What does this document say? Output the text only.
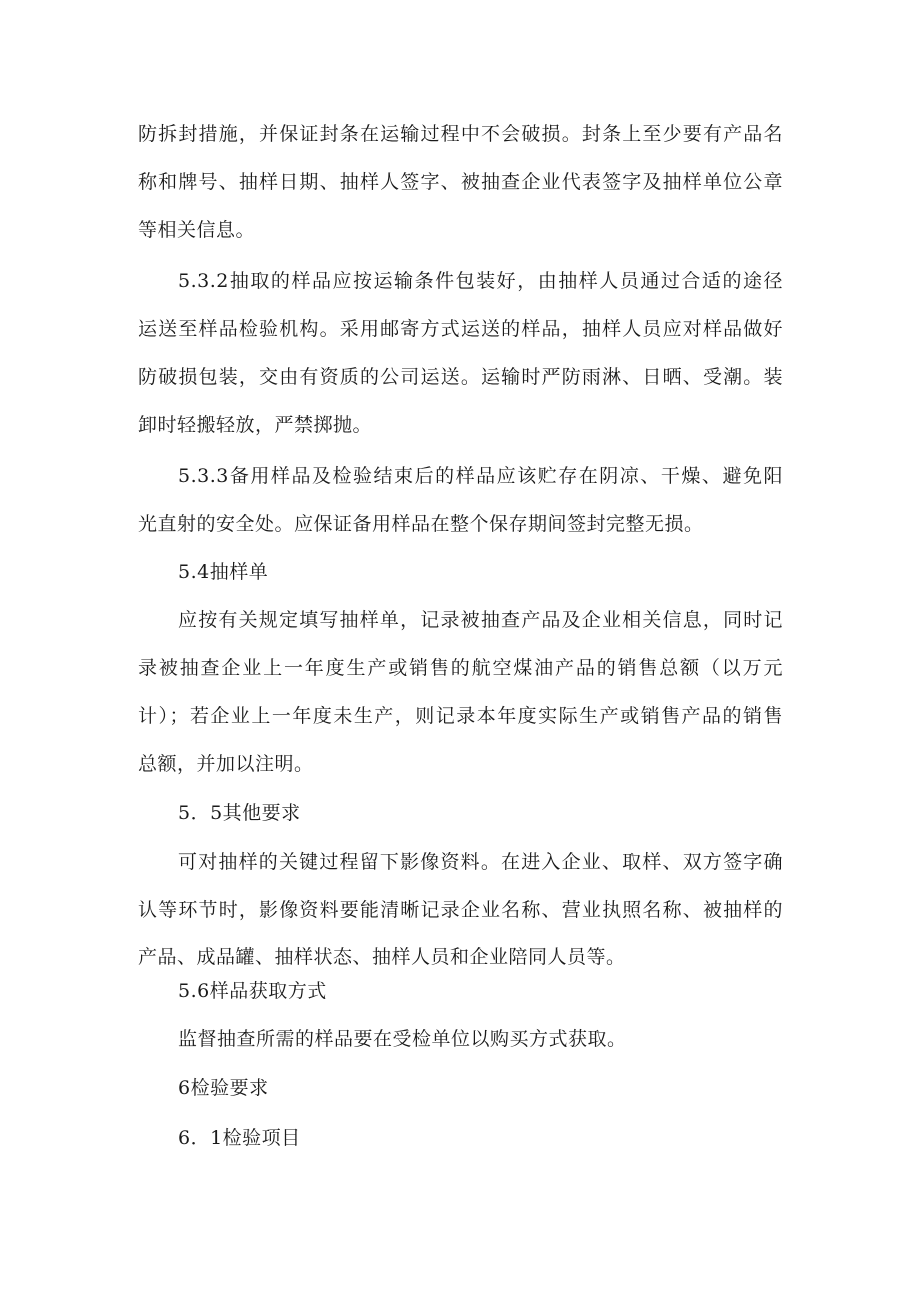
防拆封措施，并保证封条在运输过程中不会破损。封条上至少要有产品名
称和牌号、抽样日期、抽样人签字、被抽查企业代表签字及抽样单位公章
等相关信息。
5.3.2抽取的样品应按运输条件包装好，由抽样人员通过合适的途径
运送至样品检验机构。采用邮寄方式运送的样品，抽样人员应对样品做好
防破损包装，交由有资质的公司运送。运输时严防雨淋、日晒、受潮。装
卸时轻搬轻放，严禁掷抛。
5.3.3备用样品及检验结束后的样品应该贮存在阴凉、干燥、避免阳
光直射的安全处。应保证备用样品在整个保存期间签封完整无损。
5.4抽样单
应按有关规定填写抽样单，记录被抽查产品及企业相关信息，同时记
录被抽查企业上一年度生产或销售的航空煤油产品的销售总额（以万元
计）；若企业上一年度未生产，则记录本年度实际生产或销售产品的销售
总额，并加以注明。
5．5其他要求
可对抽样的关键过程留下影像资料。在进入企业、取样、双方签字确
认等环节时，影像资料要能清晰记录企业名称、营业执照名称、被抽样的
产品、成品罐、抽样状态、抽样人员和企业陪同人员等。
5.6样品获取方式
监督抽查所需的样品要在受检单位以购买方式获取。
6检验要求
6．1检验项目
